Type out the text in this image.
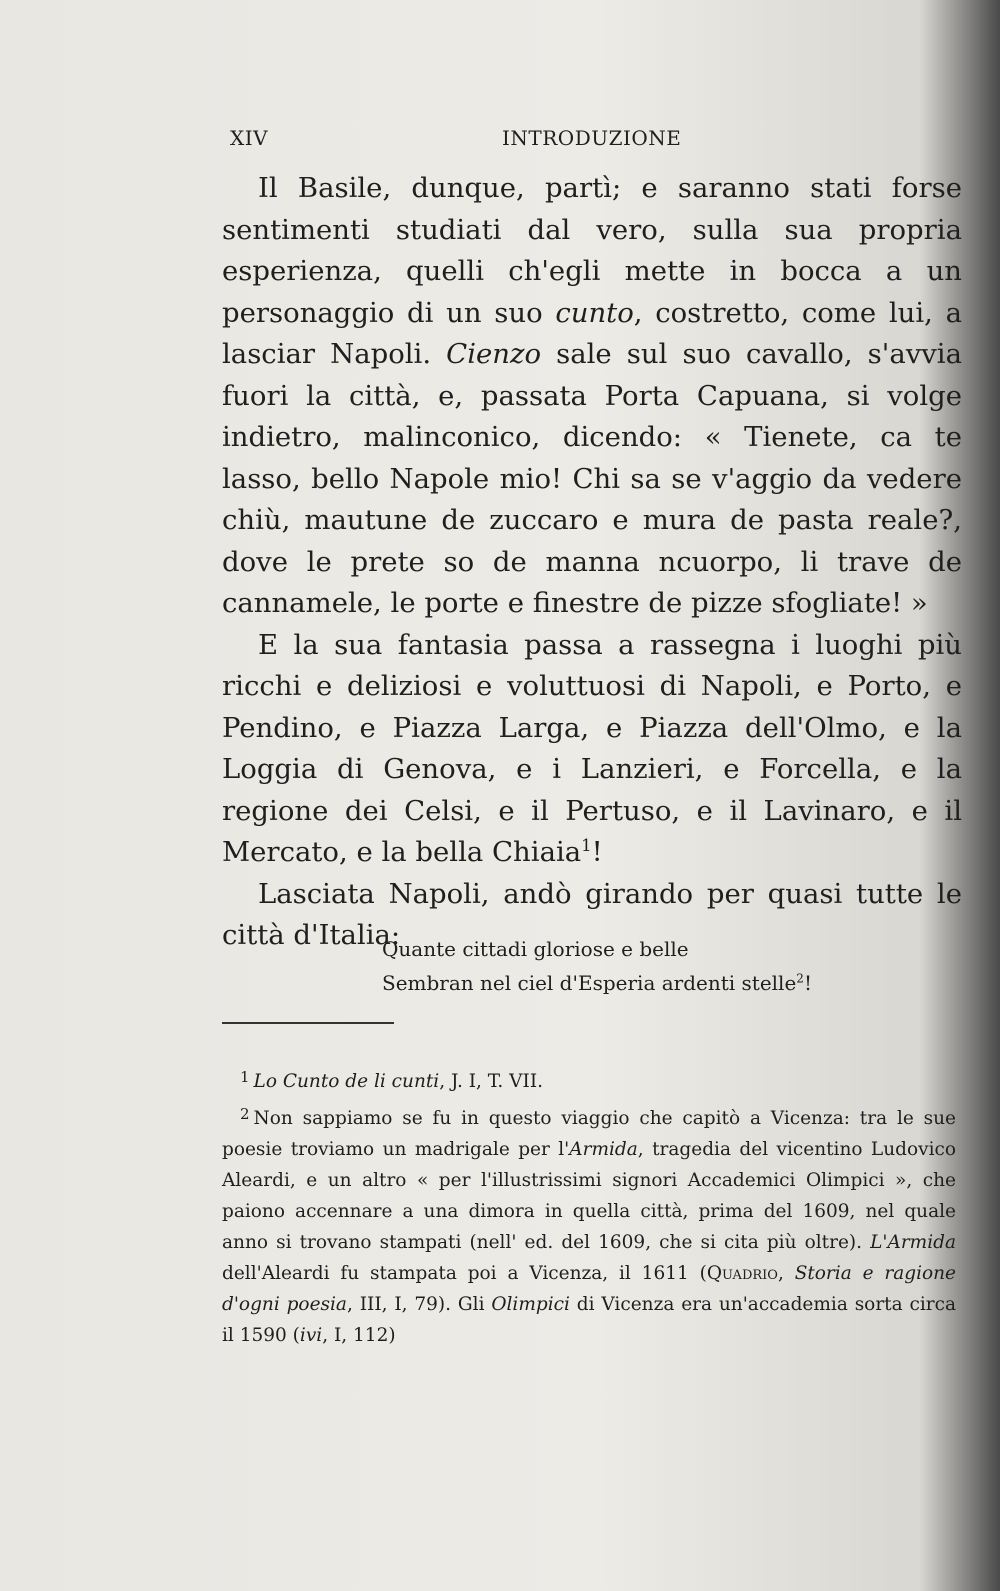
XIV	INTRODUZIONE

Il Basile, dunque, partì; e saranno stati forse sentimenti studiati dal vero, sulla sua propria esperienza, quelli ch'egli mette in bocca a un personaggio di un suo cunto, costretto, come lui, a lasciar Napoli. Cienzo sale sul suo cavallo, s'avvia fuori la città, e, passata Porta Capuana, si volge indietro, malinconico, dicendo: « Tienete, ca te lasso, bello Napole mio! Chi sa se v'aggio da vedere chiù, mautune de zuccaro e mura de pasta reale?, dove le prete so de manna ncuorpo, li trave de cannamele, le porte e finestre de pizze sfogliate! »

E la sua fantasia passa a rassegna i luoghi più ricchi e deliziosi e voluttuosi di Napoli, e Porto, e Pendino, e Piazza Larga, e Piazza dell'Olmo, e la Loggia di Genova, e i Lanzieri, e Forcella, e la regione dei Celsi, e il Pertuso, e il Lavinaro, e il Mercato, e la bella Chiaia$^1$!

Lasciata Napoli, andò girando per quasi tutte le città d'Italia:

Quante cittadi gloriose e belle
Sembran nel ciel d'Esperia ardenti stelle$^2$!

$^1$ Lo Cunto de li cunti, J. I, T. VII.

$^2$ Non sappiamo se fu in questo viaggio che capitò a Vicenza: tra le sue poesie troviamo un madrigale per l'Armida, tragedia del vicentino Ludovico Aleardi, e un altro « per l'illustrissimi signori Accademici Olimpici », che paiono accennare a una dimora in quella città, prima del 1609, nel quale anno si trovano stampati (nell' ed. del 1609, che si cita più oltre). L'Armida dell'Aleardi fu stampata poi a Vicenza, il 1611 (Quadrio, Storia e ragione d'ogni poesia, III, I, 79). Gli Olimpici di Vicenza era un'accademia sorta circa il 1590 (ivi, I, 112)
